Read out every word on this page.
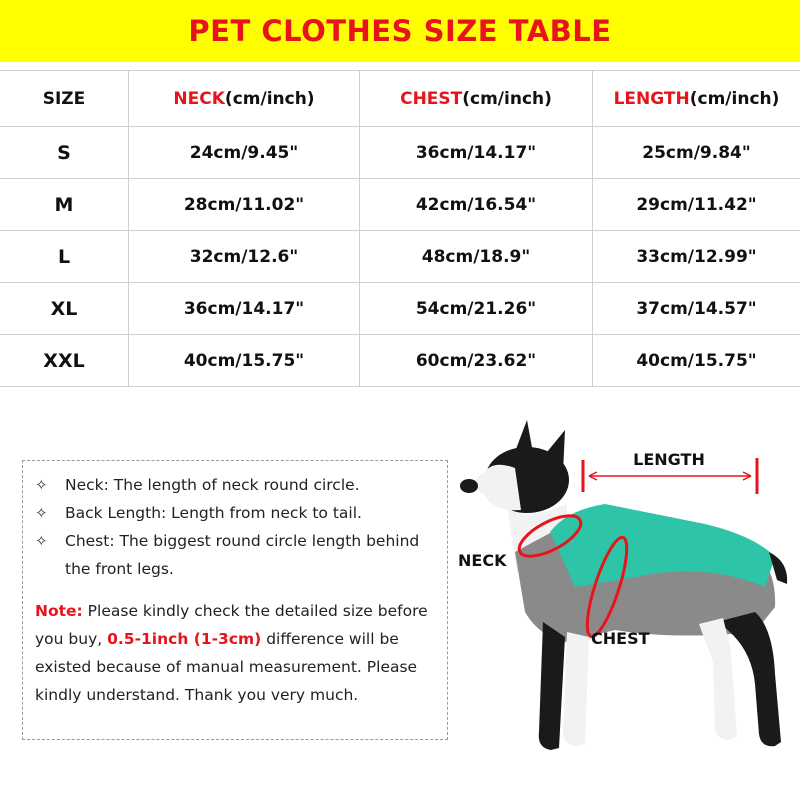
PET CLOTHES SIZE TABLE
SIZE	NECK(cm/inch)	CHEST(cm/inch)	LENGTH(cm/inch)
S	24cm/9.45"	36cm/14.17"	25cm/9.84"
M	28cm/11.02"	42cm/16.54"	29cm/11.42"
L	32cm/12.6"	48cm/18.9"	33cm/12.99"
XL	36cm/14.17"	54cm/21.26"	37cm/14.57"
XXL	40cm/15.75"	60cm/23.62"	40cm/15.75"
✧	Neck: The length of neck round circle.
✧	Back Length: Length from neck to tail.
✧	Chest: The biggest round circle length behind the front legs.
Note: Please kindly check the detailed size before you buy, 0.5-1inch (1-3cm) difference will be existed because of manual measurement. Please kindly understand. Thank you very much.
LENGTH
NECK
CHEST
